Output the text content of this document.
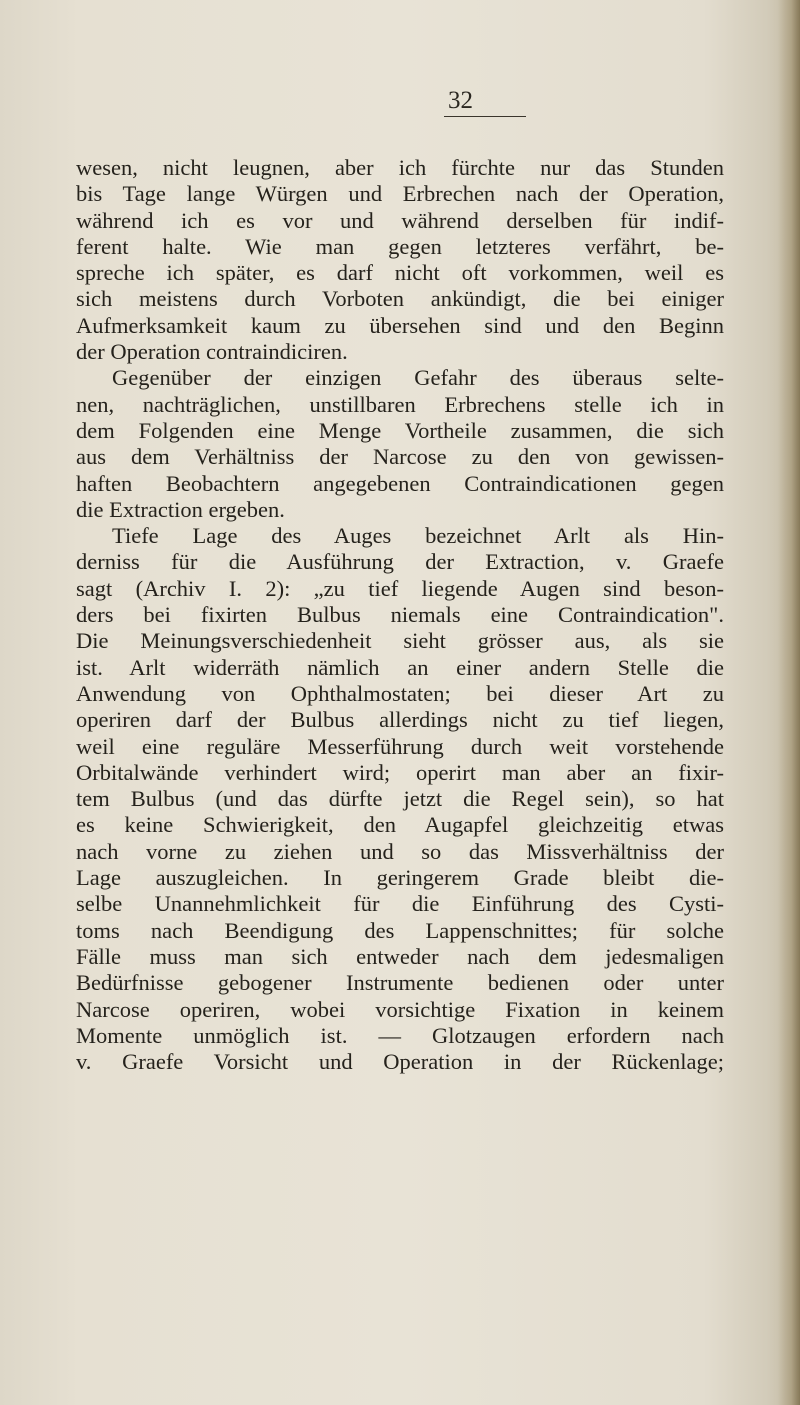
32
wesen, nicht leugnen, aber ich fürchte nur das Stunden
bis Tage lange Würgen und Erbrechen nach der Operation,
während ich es vor und während derselben für indif-
ferent halte. Wie man gegen letzteres verfährt, be-
spreche ich später, es darf nicht oft vorkommen, weil es
sich meistens durch Vorboten ankündigt, die bei einiger
Aufmerksamkeit kaum zu übersehen sind und den Beginn
der Operation contraindiciren.
Gegenüber der einzigen Gefahr des überaus selte-
nen, nachträglichen, unstillbaren Erbrechens stelle ich in
dem Folgenden eine Menge Vortheile zusammen, die sich
aus dem Verhältniss der Narcose zu den von gewissen-
haften Beobachtern angegebenen Contraindicationen gegen
die Extraction ergeben.
Tiefe Lage des Auges bezeichnet Arlt als Hin-
derniss für die Ausführung der Extraction, v. Graefe
sagt (Archiv I. 2): „zu tief liegende Augen sind beson-
ders bei fixirten Bulbus niemals eine Contraindication".
Die Meinungsverschiedenheit sieht grösser aus, als sie
ist. Arlt widerräth nämlich an einer andern Stelle die
Anwendung von Ophthalmostaten; bei dieser Art zu
operiren darf der Bulbus allerdings nicht zu tief liegen,
weil eine reguläre Messerführung durch weit vorstehende
Orbitalwände verhindert wird; operirt man aber an fixir-
tem Bulbus (und das dürfte jetzt die Regel sein), so hat
es keine Schwierigkeit, den Augapfel gleichzeitig etwas
nach vorne zu ziehen und so das Missverhältniss der
Lage auszugleichen. In geringerem Grade bleibt die-
selbe Unannehmlichkeit für die Einführung des Cysti-
toms nach Beendigung des Lappenschnittes; für solche
Fälle muss man sich entweder nach dem jedesmaligen
Bedürfnisse gebogener Instrumente bedienen oder unter
Narcose operiren, wobei vorsichtige Fixation in keinem
Momente unmöglich ist. — Glotzaugen erfordern nach
v. Graefe Vorsicht und Operation in der Rückenlage;
